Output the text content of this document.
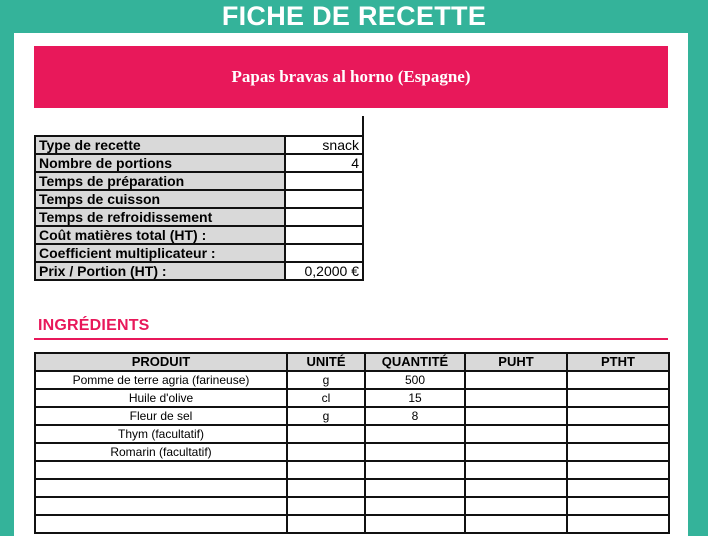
FICHE DE RECETTE
Papas bravas al horno (Espagne)
Type de recette	snack
Nombre de portions	4
Temps de préparation	
Temps de cuisson	
Temps de refroidissement	
Coût matières total (HT) :	
Coefficient multiplicateur :	
Prix / Portion (HT) :	0,2000 €
INGRÉDIENTS
PRODUIT	UNITÉ	QUANTITÉ	PUHT	PTHT
Pomme de terre agria (farineuse)	g	500		
Huile d'olive	cl	15		
Fleur de sel	g	8		
Thym (facultatif)				
Romarin (facultatif)				
